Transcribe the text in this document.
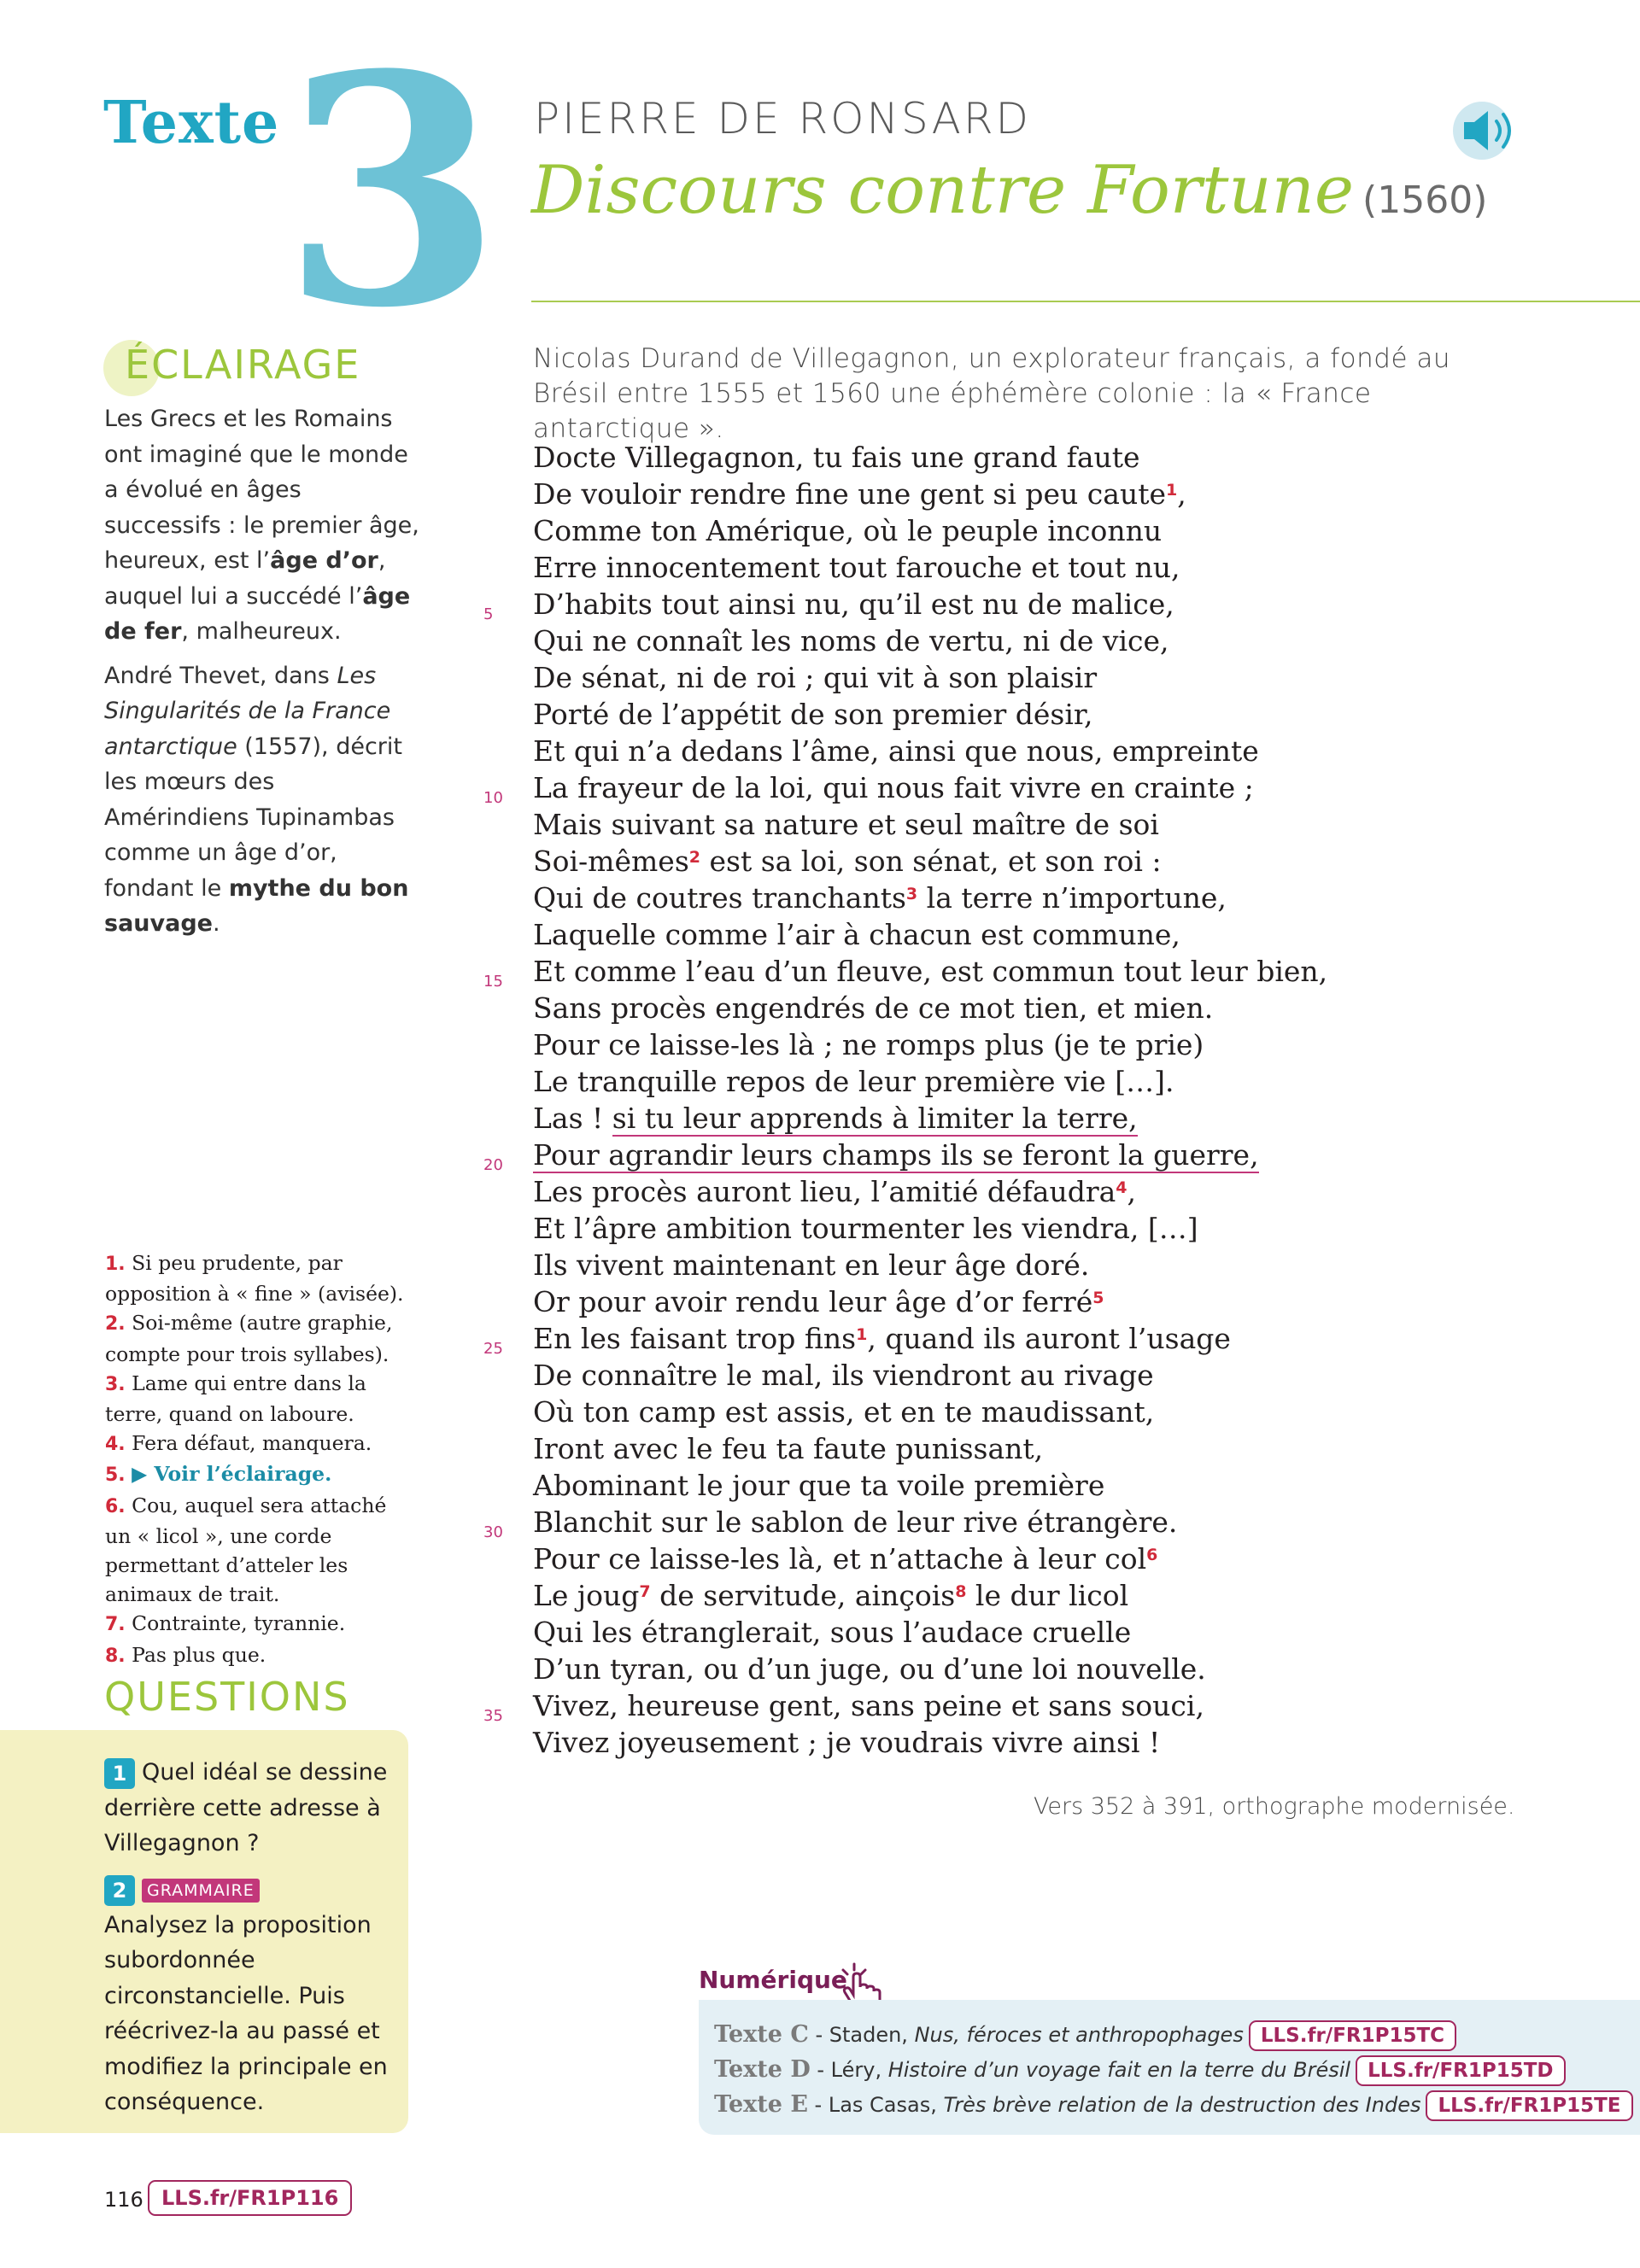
Texte 3 PIERRE DE RONSARD
Discours contre Fortune (1560)
ÉCLAIRAGE

Les Grecs et les Romains ont imaginé que le monde a évolué en âges successifs : le premier âge, heureux, est l’âge d’or, auquel lui a succédé l’âge de fer, malheureux.

André Thevet, dans Les Singularités de la France antarctique (1557), décrit les mœurs des Amérindiens Tupinambas comme un âge d’or, fondant le mythe du bon sauvage.

1. Si peu prudente, par opposition à « fine » (avisée).
2. Soi-même (autre graphie, compte pour trois syllabes).
3. Lame qui entre dans la terre, quand on laboure.
4. Fera défaut, manquera.
5. ▶ Voir l’éclairage.
6. Cou, auquel sera attaché un « licol », une corde permettant d’atteler les animaux de trait.
7. Contrainte, tyrannie.
8. Pas plus que.
QUESTIONS
1 Quel idéal se dessine derrière cette adresse à Villegagnon ?
2 GRAMMAIRE
Analysez la proposition subordonnée circonstancielle. Puis réécrivez-la au passé et modifiez la principale en conséquence.
116 LLS.fr/FR1P116
Nicolas Durand de Villegagnon, un explorateur français, a fondé au Brésil entre 1555 et 1560 une éphémère colonie : la « France antarctique ».
Docte Villegagnon, tu fais une grand faute
De vouloir rendre fine une gent si peu caute$^1$,
Comme ton Amérique, où le peuple inconnu
Erre innocentement tout farouche et tout nu,
5 D’habits tout ainsi nu, qu’il est nu de malice,
Qui ne connaît les noms de vertu, ni de vice,
De sénat, ni de roi ; qui vit à son plaisir
Porté de l’appétit de son premier désir,
Et qui n’a dedans l’âme, ainsi que nous, empreinte
10 La frayeur de la loi, qui nous fait vivre en crainte ;
Mais suivant sa nature et seul maître de soi
Soi-mêmes$^2$ est sa loi, son sénat, et son roi :
Qui de coutres tranchants$^3$ la terre n’importune,
Laquelle comme l’air à chacun est commune,
15 Et comme l’eau d’un fleuve, est commun tout leur bien,
Sans procès engendrés de ce mot tien, et mien.
Pour ce laisse-les là ; ne romps plus (je te prie)
Le tranquille repos de leur première vie […].
Las ! si tu leur apprends à limiter la terre,
20 Pour agrandir leurs champs ils se feront la guerre,
Les procès auront lieu, l’amitié défaudra$^4$,
Et l’âpre ambition tourmenter les viendra, […]
Ils vivent maintenant en leur âge doré.
Or pour avoir rendu leur âge d’or ferré$^5$
25 En les faisant trop fins$^1$, quand ils auront l’usage
De connaître le mal, ils viendront au rivage
Où ton camp est assis, et en te maudissant,
Iront avec le feu ta faute punissant,
Abominant le jour que ta voile première
30 Blanchit sur le sablon de leur rive étrangère.
Pour ce laisse-les là, et n’attache à leur col$^6$
Le joug$^7$ de servitude, ainçois$^8$ le dur licol
Qui les étranglerait, sous l’audace cruelle
D’un tyran, ou d’un juge, ou d’une loi nouvelle.
35 Vivez, heureuse gent, sans peine et sans souci,
Vivez joyeusement ; je voudrais vivre ainsi !
Vers 352 à 391, orthographe modernisée.
Numérique
Texte C - Staden, Nus, féroces et anthropophages LLS.fr/FR1P15TC
Texte D - Léry, Histoire d’un voyage fait en la terre du Brésil LLS.fr/FR1P15TD
Texte E - Las Casas, Très brève relation de la destruction des Indes LLS.fr/FR1P15TE
